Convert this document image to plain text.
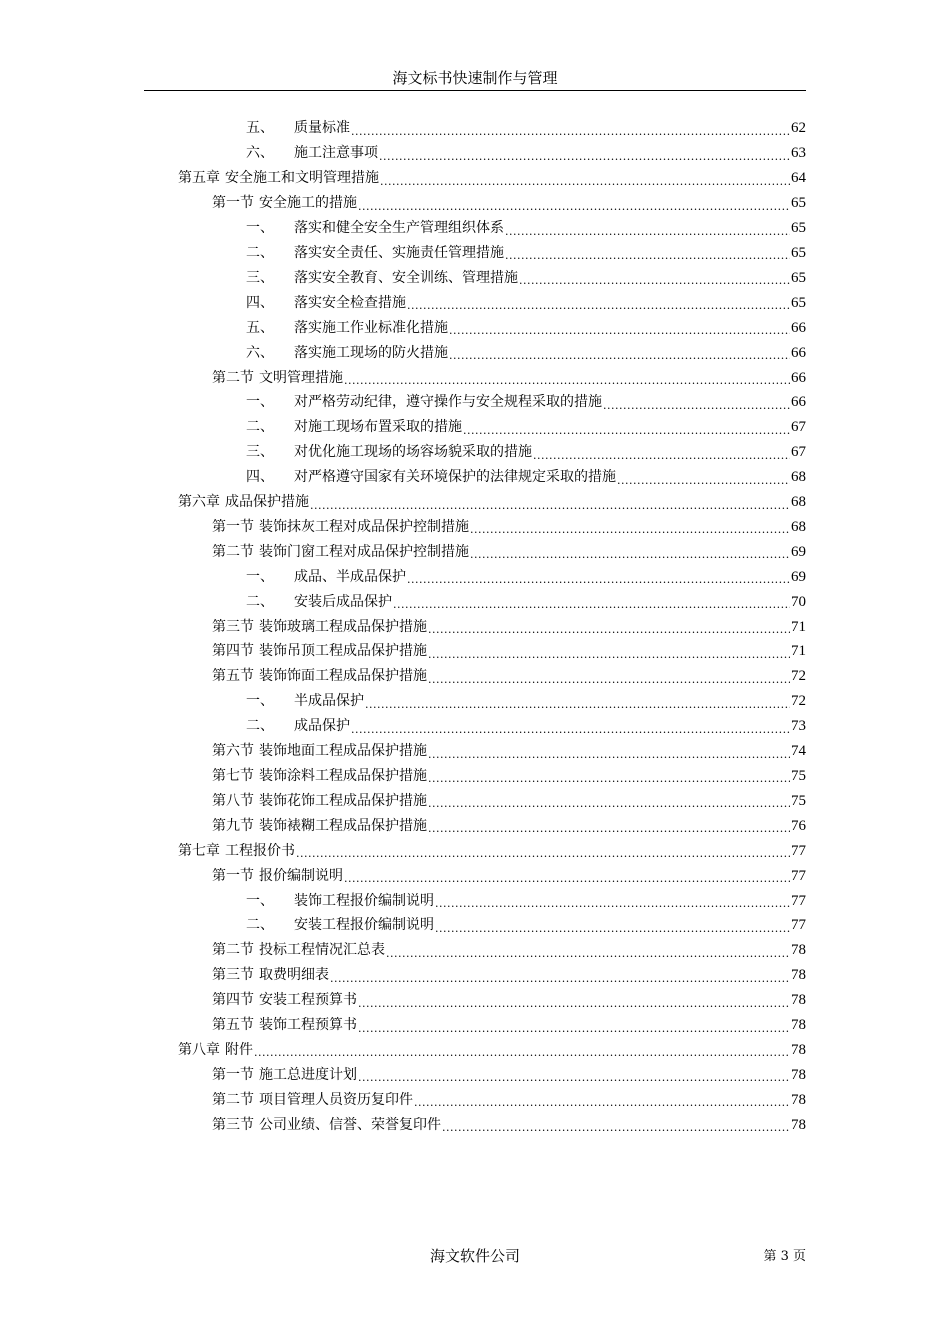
海文标书快速制作与管理
五、 质量标准 .....	62
六、 施工注意事项 .....	63
第五章 安全施工和文明管理措施 .....	64
第一节 安全施工的措施 .....	65
一、 落实和健全安全生产管理组织体系 .....	65
二、 落实安全责任、实施责任管理措施 .....	65
三、 落实安全教育、安全训练、管理措施 .....	65
四、 落实安全检查措施 .....	65
五、 落实施工作业标准化措施 .....	66
六、 落实施工现场的防火措施 .....	66
第二节 文明管理措施 .....	66
一、 对严格劳动纪律，遵守操作与安全规程采取的措施 .....	66
二、 对施工现场布置采取的措施 .....	67
三、 对优化施工现场的场容场貌采取的措施 .....	67
四、 对严格遵守国家有关环境保护的法律规定采取的措施 .....	68
第六章 成品保护措施 .....	68
第一节 装饰抹灰工程对成品保护控制措施 .....	68
第二节 装饰门窗工程对成品保护控制措施 .....	69
一、 成品、半成品保护 .....	69
二、 安装后成品保护 .....	70
第三节 装饰玻璃工程成品保护措施 .....	71
第四节 装饰吊顶工程成品保护措施 .....	71
第五节 装饰饰面工程成品保护措施 .....	72
一、 半成品保护 .....	72
二、 成品保护 .....	73
第六节 装饰地面工程成品保护措施 .....	74
第七节 装饰涂料工程成品保护措施 .....	75
第八节 装饰花饰工程成品保护措施 .....	75
第九节 装饰裱糊工程成品保护措施 .....	76
第七章 工程报价书 .....	77
第一节 报价编制说明 .....	77
一、 装饰工程报价编制说明 .....	77
二、 安装工程报价编制说明 .....	77
第二节 投标工程情况汇总表 .....	78
第三节 取费明细表 .....	78
第四节 安装工程预算书 .....	78
第五节 装饰工程预算书 .....	78
第八章 附件 .....	78
第一节 施工总进度计划 .....	78
第二节 项目管理人员资历复印件 .....	78
第三节 公司业绩、信誉、荣誉复印件 .....	78
海文软件公司	第 3 页
